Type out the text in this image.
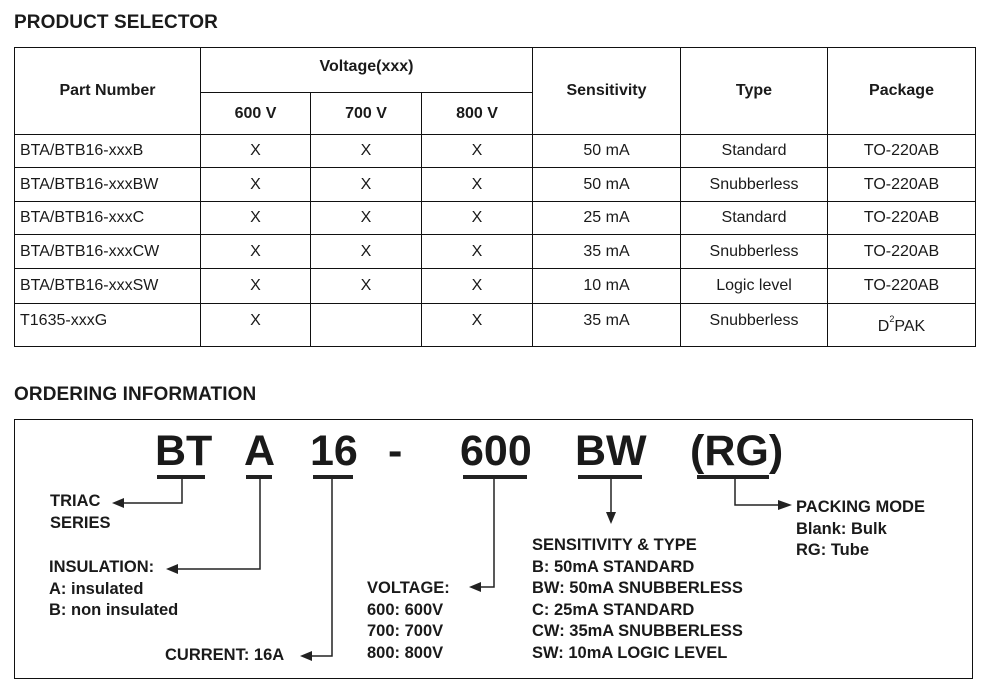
PRODUCT SELECTOR
Part Number	Voltage(xxx)			Sensitivity	Type	Package
	600 V	700 V	800 V			
BTA/BTB16-xxxB	X	X	X	50 mA	Standard	TO-220AB
BTA/BTB16-xxxBW	X	X	X	50 mA	Snubberless	TO-220AB
BTA/BTB16-xxxC	X	X	X	25 mA	Standard	TO-220AB
BTA/BTB16-xxxCW	X	X	X	35 mA	Snubberless	TO-220AB
BTA/BTB16-xxxSW	X	X	X	10 mA	Logic level	TO-220AB
T1635-xxxG	X		X	35 mA	Snubberless	$D^2PAK$
ORDERING INFORMATION
BT A 16 - 600 BW (RG)
TRIAC
SERIES
INSULATION:
A: insulated
B: non insulated
CURRENT: 16A
VOLTAGE:
600: 600V
700: 700V
800: 800V
SENSITIVITY & TYPE
B: 50mA STANDARD
BW: 50mA SNUBBERLESS
C: 25mA STANDARD
CW: 35mA SNUBBERLESS
SW: 10mA LOGIC LEVEL
PACKING MODE
Blank: Bulk
RG: Tube
